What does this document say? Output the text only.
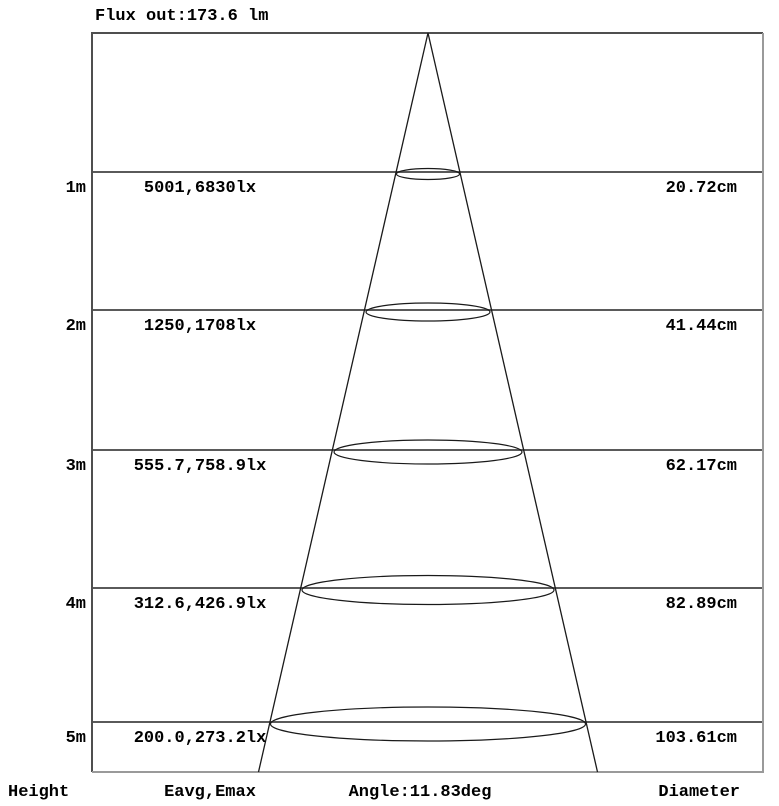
Flux out:173.6 lm
1m	5001,6830lx	20.72cm
2m	1250,1708lx	41.44cm
3m	555.7,758.9lx	62.17cm
4m	312.6,426.9lx	82.89cm
5m	200.0,273.2lx	103.61cm
Height	Eavg,Emax	Angle:11.83deg	Diameter
